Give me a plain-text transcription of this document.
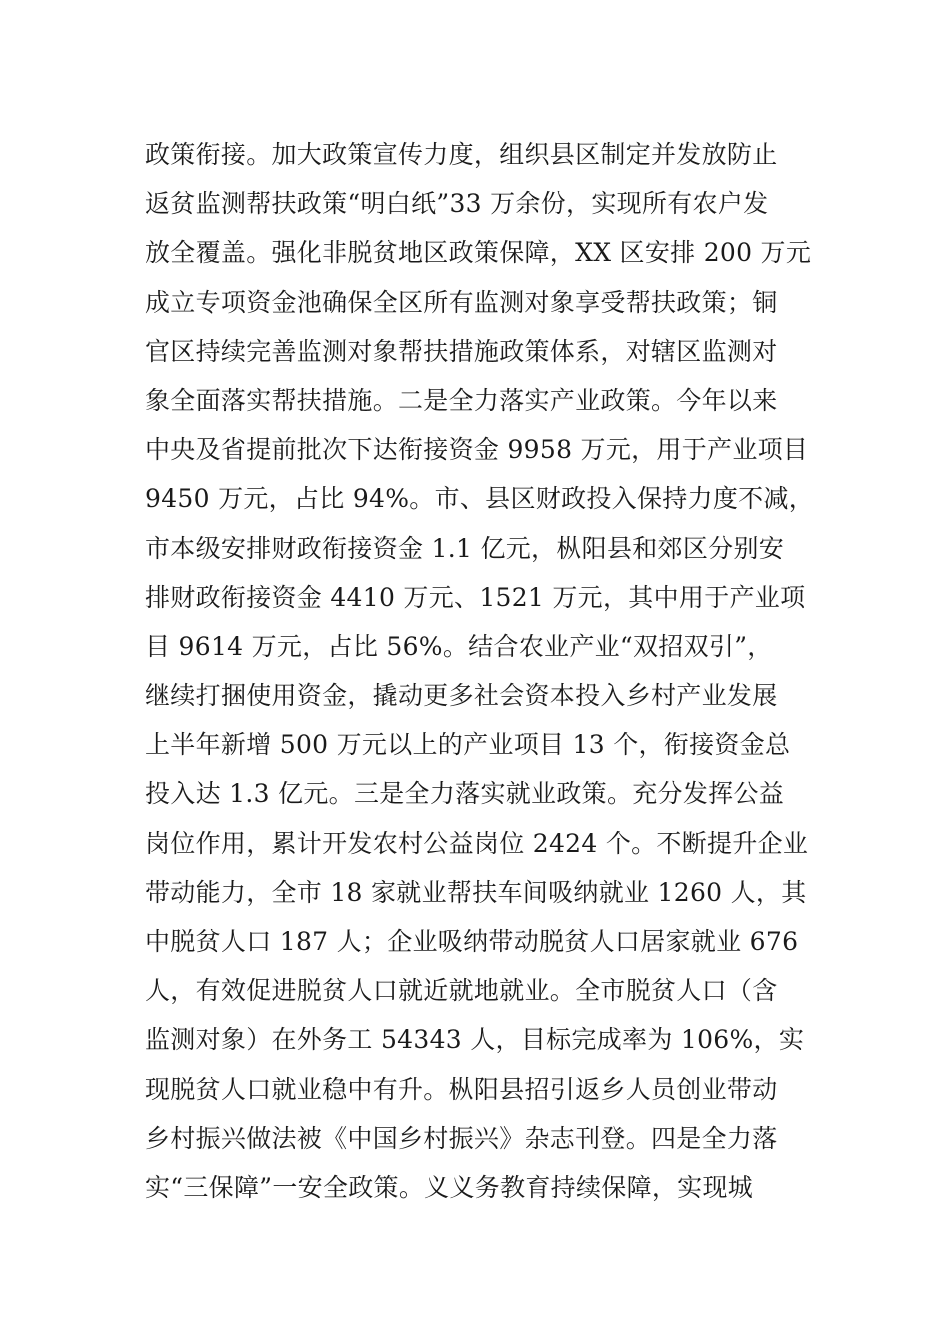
政策衔接。加大政策宣传力度，组织县区制定并发放防止
返贫监测帮扶政策“明白纸”33 万余份，实现所有农户发
放全覆盖。强化非脱贫地区政策保障，XX 区安排 200 万元
成立专项资金池确保全区所有监测对象享受帮扶政策；铜
官区持续完善监测对象帮扶措施政策体系，对辖区监测对
象全面落实帮扶措施。二是全力落实产业政策。今年以来
中央及省提前批次下达衔接资金 9958 万元，用于产业项目
9450 万元，占比 94%。市、县区财政投入保持力度不减，
市本级安排财政衔接资金 1.1 亿元，枞阳县和郊区分别安
排财政衔接资金 4410 万元、1521 万元，其中用于产业项
目 9614 万元，占比 56%。结合农业产业“双招双引”，
继续打捆使用资金，撬动更多社会资本投入乡村产业发展
上半年新增 500 万元以上的产业项目 13 个，衔接资金总
投入达 1.3 亿元。三是全力落实就业政策。充分发挥公益
岗位作用，累计开发农村公益岗位 2424 个。不断提升企业
带动能力，全市 18 家就业帮扶车间吸纳就业 1260 人，其
中脱贫人口 187 人；企业吸纳带动脱贫人口居家就业 676
人，有效促进脱贫人口就近就地就业。全市脱贫人口（含
监测对象）在外务工 54343 人，目标完成率为 106%，实
现脱贫人口就业稳中有升。枞阳县招引返乡人员创业带动
乡村振兴做法被《中国乡村振兴》杂志刊登。四是全力落
实“三保障”一安全政策。义义务教育持续保障，实现城
